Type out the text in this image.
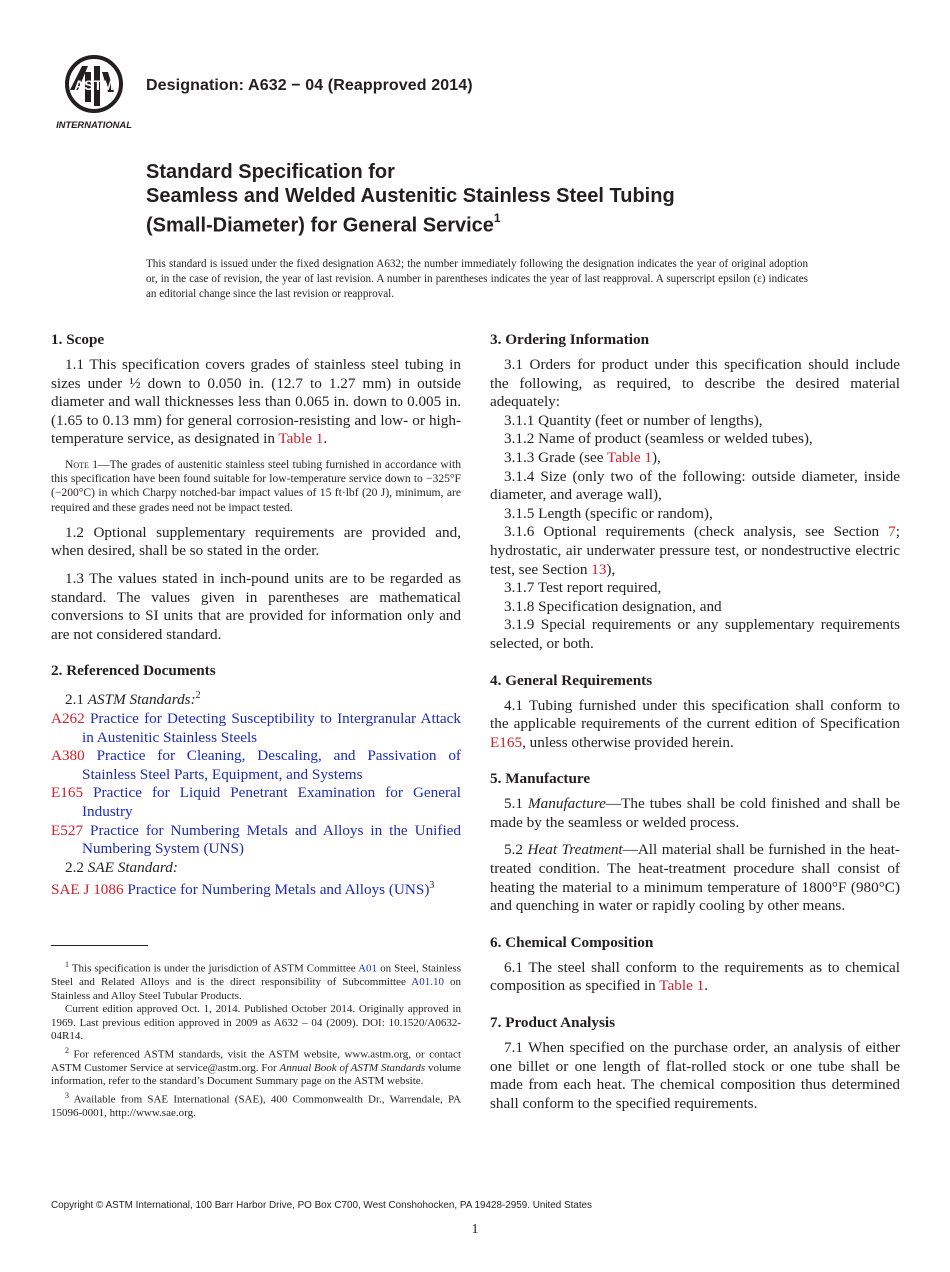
ASTM
INTERNATIONAL
Designation: A632 − 04 (Reapproved 2014)
Standard Specification for
Seamless and Welded Austenitic Stainless Steel Tubing
(Small-Diameter) for General Service$^1$
This standard is issued under the fixed designation A632; the number immediately following the designation indicates the year of original adoption or, in the case of revision, the year of last revision. A number in parentheses indicates the year of last reapproval. A superscript epsilon (ε) indicates an editorial change since the last revision or reapproval.
1. Scope

1.1 This specification covers grades of stainless steel tubing in sizes under ½ down to 0.050 in. (12.7 to 1.27 mm) in outside diameter and wall thicknesses less than 0.065 in. down to 0.005 in. (1.65 to 0.13 mm) for general corrosion-resisting and low- or high-temperature service, as designated in Table 1.

Note 1—The grades of austenitic stainless steel tubing furnished in accordance with this specification have been found suitable for low-temperature service down to −325°F (−200°C) in which Charpy notched-bar impact values of 15 ft·lbf (20 J), minimum, are required and these grades need not be impact tested.

1.2 Optional supplementary requirements are provided and, when desired, shall be so stated in the order.

1.3 The values stated in inch-pound units are to be regarded as standard. The values given in parentheses are mathematical conversions to SI units that are provided for information only and are not considered standard.

2. Referenced Documents

2.1 ASTM Standards:$^2$

A262 Practice for Detecting Susceptibility to Intergranular Attack in Austenitic Stainless Steels

A380 Practice for Cleaning, Descaling, and Passivation of Stainless Steel Parts, Equipment, and Systems

E165 Practice for Liquid Penetrant Examination for General Industry

E527 Practice for Numbering Metals and Alloys in the Unified Numbering System (UNS)

2.2 SAE Standard:

SAE J 1086 Practice for Numbering Metals and Alloys (UNS)$^3$

$^1$ This specification is under the jurisdiction of ASTM Committee A01 on Steel, Stainless Steel and Related Alloys and is the direct responsibility of Subcommittee A01.10 on Stainless and Alloy Steel Tubular Products.

Current edition approved Oct. 1, 2014. Published October 2014. Originally approved in 1969. Last previous edition approved in 2009 as A632 – 04 (2009). DOI: 10.1520/A0632-04R14.

$^2$ For referenced ASTM standards, visit the ASTM website, www.astm.org, or contact ASTM Customer Service at service@astm.org. For Annual Book of ASTM Standards volume information, refer to the standard’s Document Summary page on the ASTM website.

$^3$ Available from SAE International (SAE), 400 Commonwealth Dr., Warrendale, PA 15096-0001, http://www.sae.org.

3. Ordering Information

3.1 Orders for product under this specification should include the following, as required, to describe the desired material adequately:

3.1.1 Quantity (feet or number of lengths),

3.1.2 Name of product (seamless or welded tubes),

3.1.3 Grade (see Table 1),

3.1.4 Size (only two of the following: outside diameter, inside diameter, and average wall),

3.1.5 Length (specific or random),

3.1.6 Optional requirements (check analysis, see Section 7; hydrostatic, air underwater pressure test, or nondestructive electric test, see Section 13),

3.1.7 Test report required,

3.1.8 Specification designation, and

3.1.9 Special requirements or any supplementary requirements selected, or both.

4. General Requirements

4.1 Tubing furnished under this specification shall conform to the applicable requirements of the current edition of Specification E165, unless otherwise provided herein.

5. Manufacture

5.1 Manufacture—The tubes shall be cold finished and shall be made by the seamless or welded process.

5.2 Heat Treatment—All material shall be furnished in the heat-treated condition. The heat-treatment procedure shall consist of heating the material to a minimum temperature of 1800°F (980°C) and quenching in water or rapidly cooling by other means.

6. Chemical Composition

6.1 The steel shall conform to the requirements as to chemical composition as specified in Table 1.

7. Product Analysis

7.1 When specified on the purchase order, an analysis of either one billet or one length of flat-rolled stock or one tube shall be made from each heat. The chemical composition thus determined shall conform to the specified requirements.

Copyright © ASTM International, 100 Barr Harbor Drive, PO Box C700, West Conshohocken, PA 19428-2959. United States
1
